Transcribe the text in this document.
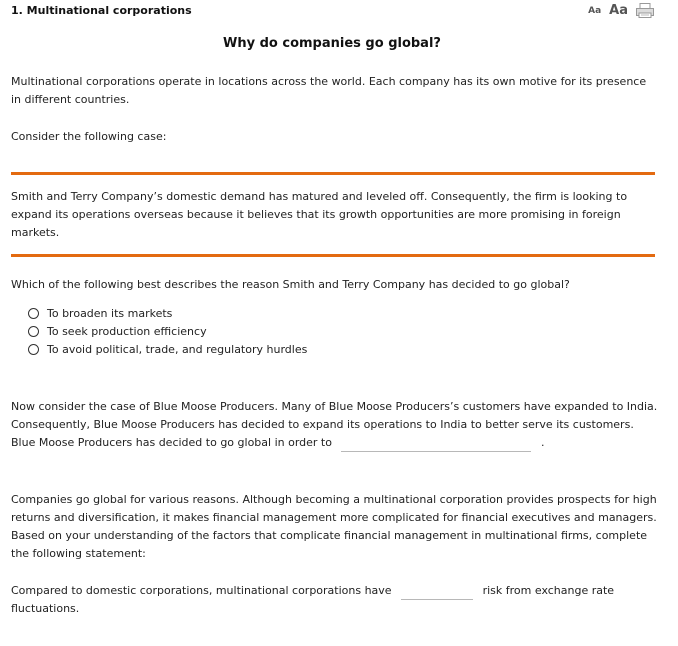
1. Multinational corporations	Aa Aa
Why do companies go global?

Multinational corporations operate in locations across the world. Each company has its own motive for its presence in different countries.

Consider the following case:

Smith and Terry Company’s domestic demand has matured and leveled off. Consequently, the firm is looking to expand its operations overseas because it believes that its growth opportunities are more promising in foreign markets.

Which of the following best describes the reason Smith and Terry Company has decided to go global?

To broaden its markets
To seek production efficiency
To avoid political, trade, and regulatory hurdles

Now consider the case of Blue Moose Producers. Many of Blue Moose Producers’s customers have expanded to India. Consequently, Blue Moose Producers has decided to expand its operations to India to better serve its customers. Blue Moose Producers has decided to go global in order to	.

Companies go global for various reasons. Although becoming a multinational corporation provides prospects for high returns and diversification, it makes financial management more complicated for financial executives and managers. Based on your understanding of the factors that complicate financial management in multinational firms, complete the following statement:

Compared to domestic corporations, multinational corporations have	risk from exchange rate fluctuations.
